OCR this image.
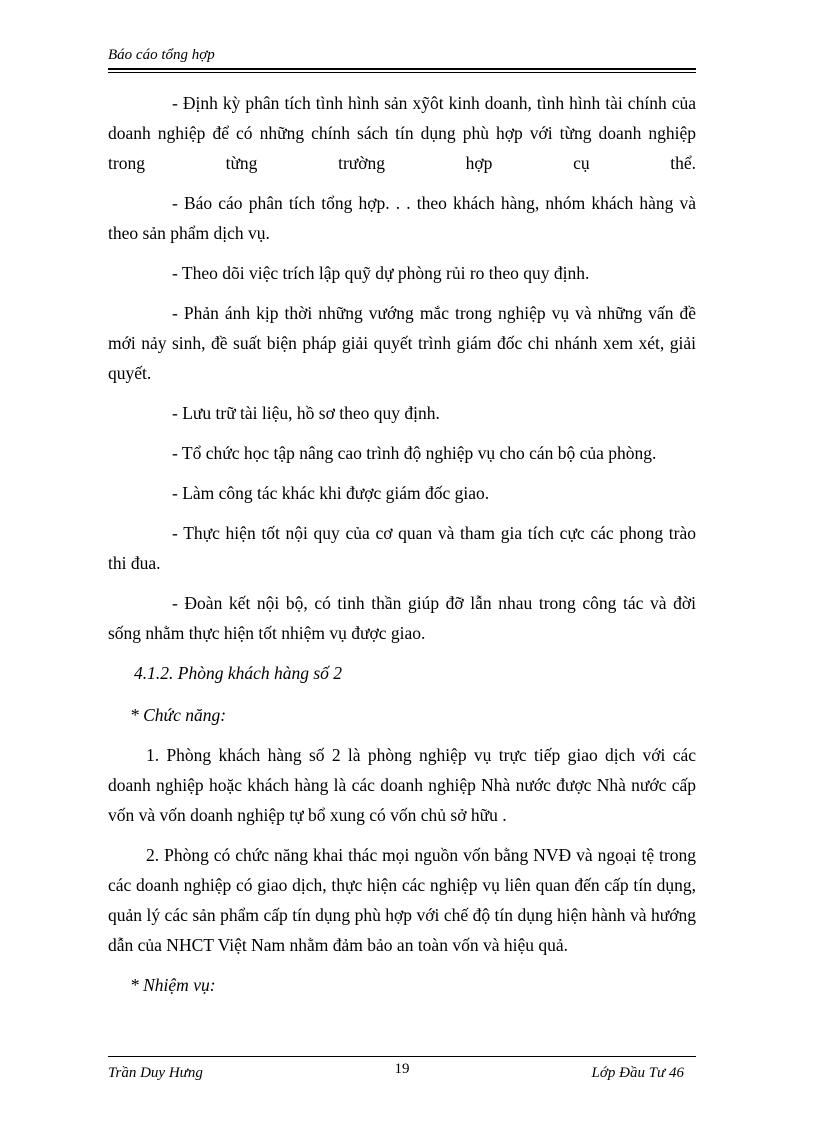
Báo cáo tổng hợp

- Định kỳ phân tích tình hình sản xỹôt kinh doanh, tình hình tài chính của doanh nghiệp để có những chính sách tín dụng phù hợp với từng doanh nghiệp trong từng trường hợp cụ thể.

- Báo cáo phân tích tổng hợp. . . theo khách hàng, nhóm khách hàng và theo sản phẩm dịch vụ.

- Theo dõi việc trích lập quỹ dự phòng rủi ro theo quy định.

- Phản ánh kịp thời những vướng mắc trong nghiệp vụ và những vấn đề mới nảy sinh, đề suất biện pháp giải quyết trình giám đốc chi nhánh xem xét, giải quyết.

- Lưu trữ tài liệu, hồ sơ theo quy định.

- Tổ chức học tập nâng cao trình độ nghiệp vụ cho cán bộ của phòng.

- Làm công tác khác khi được giám đốc giao.

- Thực hiện tốt nội quy của cơ quan và tham gia tích cực các phong trào thi đua.

- Đoàn kết nội bộ, có tinh thần giúp đỡ lẫn nhau trong công tác và đời sống nhằm thực hiện tốt nhiệm vụ được giao.

4.1.2. Phòng khách hàng số 2
* Chức năng:

1. Phòng khách hàng số 2 là phòng nghiệp vụ trực tiếp giao dịch với các doanh nghiệp hoặc khách hàng là các doanh nghiệp Nhà nước được Nhà nước cấp vốn và vốn doanh nghiệp tự bổ xung có vốn chủ sở hữu .

2. Phòng có chức năng khai thác mọi nguồn vốn bằng NVĐ và ngoại tệ trong các doanh nghiệp có giao dịch, thực hiện các nghiệp vụ liên quan đến cấp tín dụng, quản lý các sản phẩm cấp tín dụng phù hợp với chế độ tín dụng hiện hành và hướng dẫn của NHCT Việt Nam nhằm đảm bảo an toàn vốn và hiệu quả.

* Nhiệm vụ:
Trần Duy Hưng	19	Lớp Đầu Tư 46
